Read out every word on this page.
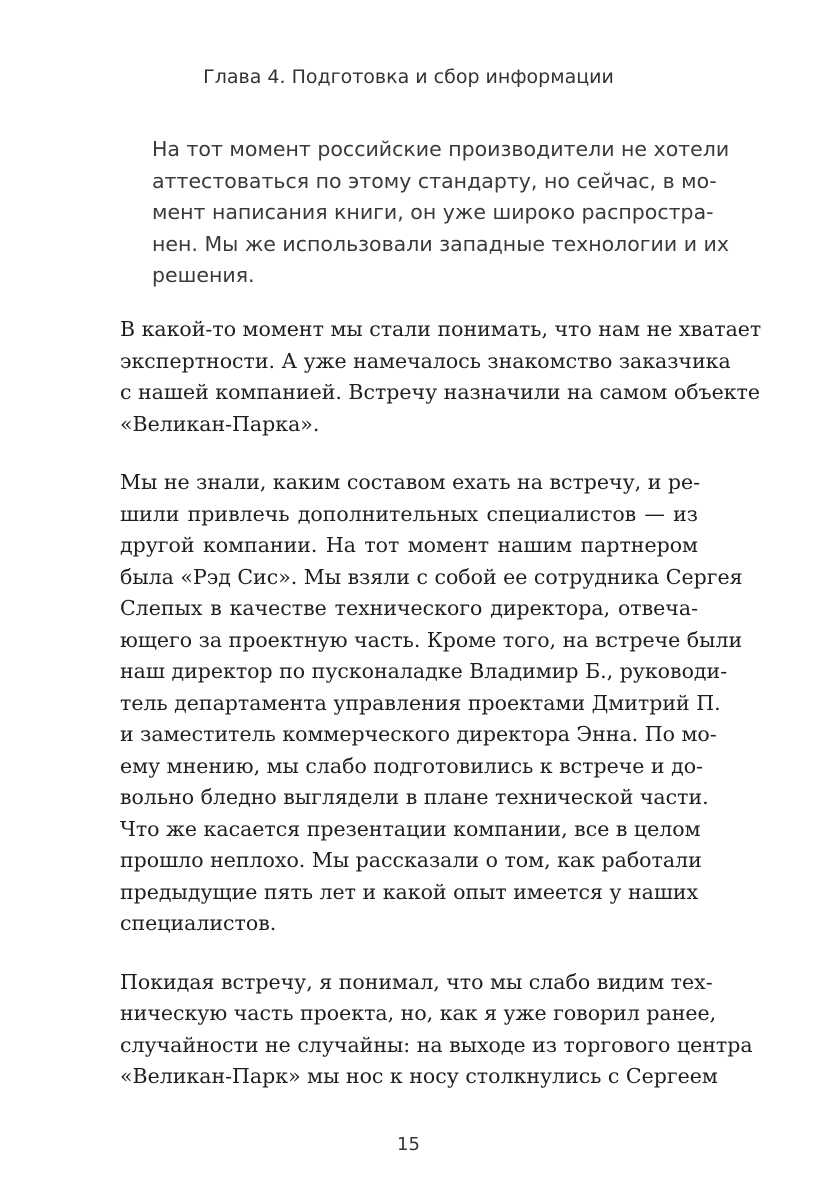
Глава 4. Подготовка и сбор информации
На тот момент российские производители не хотели
аттестоваться по этому стандарту, но сейчас, в мо-
мент написания книги, он уже широко распростра-
нен. Мы же использовали западные технологии и их
решения.
В какой-то момент мы стали понимать, что нам не хватает
экспертности. А уже намечалось знакомство заказчика
с нашей компанией. Встречу назначили на самом объекте
«Великан-Парка».
Мы не знали, каким составом ехать на встречу, и ре-
шили привлечь дополнительных специалистов — из
другой компании. На тот момент нашим партнером
была «Рэд Сис». Мы взяли с собой ее сотрудника Сергея
Слепых в качестве технического директора, отвеча-
ющего за проектную часть. Кроме того, на встрече были
наш директор по пусконаладке Владимир Б., руководи-
тель департамента управления проектами Дмитрий П.
и заместитель коммерческого директора Энна. По мо-
ему мнению, мы слабо подготовились к встрече и до-
вольно бледно выглядели в плане технической части.
Что же касается презентации компании, все в целом
прошло неплохо. Мы рассказали о том, как работали
предыдущие пять лет и какой опыт имеется у наших
специалистов.
Покидая встречу, я понимал, что мы слабо видим тех-
ническую часть проекта, но, как я уже говорил ранее,
случайности не случайны: на выходе из торгового центра
«Великан-Парк» мы нос к носу столкнулись с Сергеем
15
